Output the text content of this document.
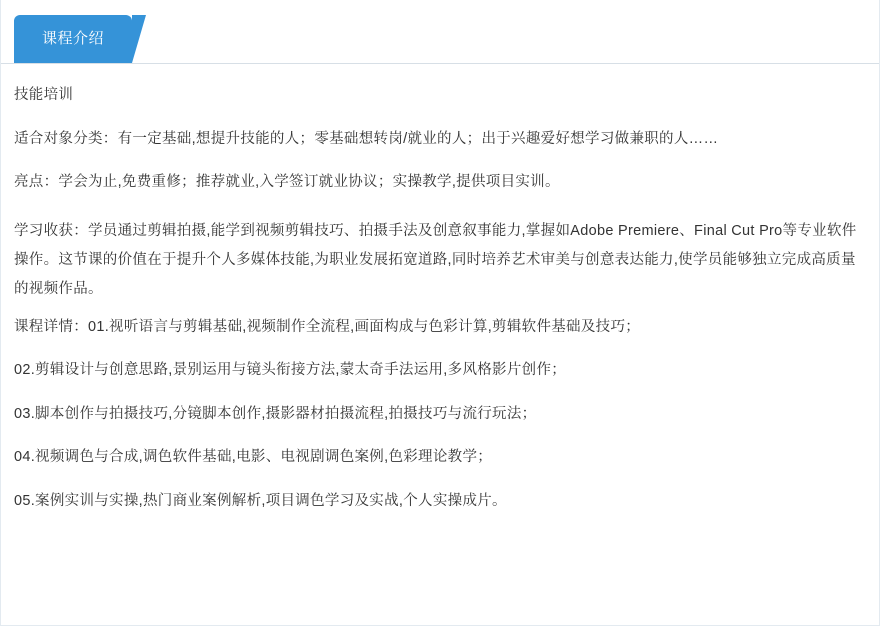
课程介绍

技能培训

适合对象分类：有一定基础,想提升技能的人；零基础想转岗/就业的人；出于兴趣爱好想学习做兼职的人……

亮点：学会为止,免费重修；推荐就业,入学签订就业协议；实操教学,提供项目实训。

学习收获：学员通过剪辑拍摄,能学到视频剪辑技巧、拍摄手法及创意叙事能力,掌握如Adobe Premiere、Final Cut Pro等专业软件操作。这节课的价值在于提升个人多媒体技能,为职业发展拓宽道路,同时培养艺术审美与创意表达能力,使学员能够独立完成高质量的视频作品。

课程详情：01.视听语言与剪辑基础,视频制作全流程,画面构成与色彩计算,剪辑软件基础及技巧；

02.剪辑设计与创意思路,景别运用与镜头衔接方法,蒙太奇手法运用,多风格影片创作；

03.脚本创作与拍摄技巧,分镜脚本创作,摄影器材拍摄流程,拍摄技巧与流行玩法；

04.视频调色与合成,调色软件基础,电影、电视剧调色案例,色彩理论教学；

05.案例实训与实操,热门商业案例解析,项目调色学习及实战,个人实操成片。
